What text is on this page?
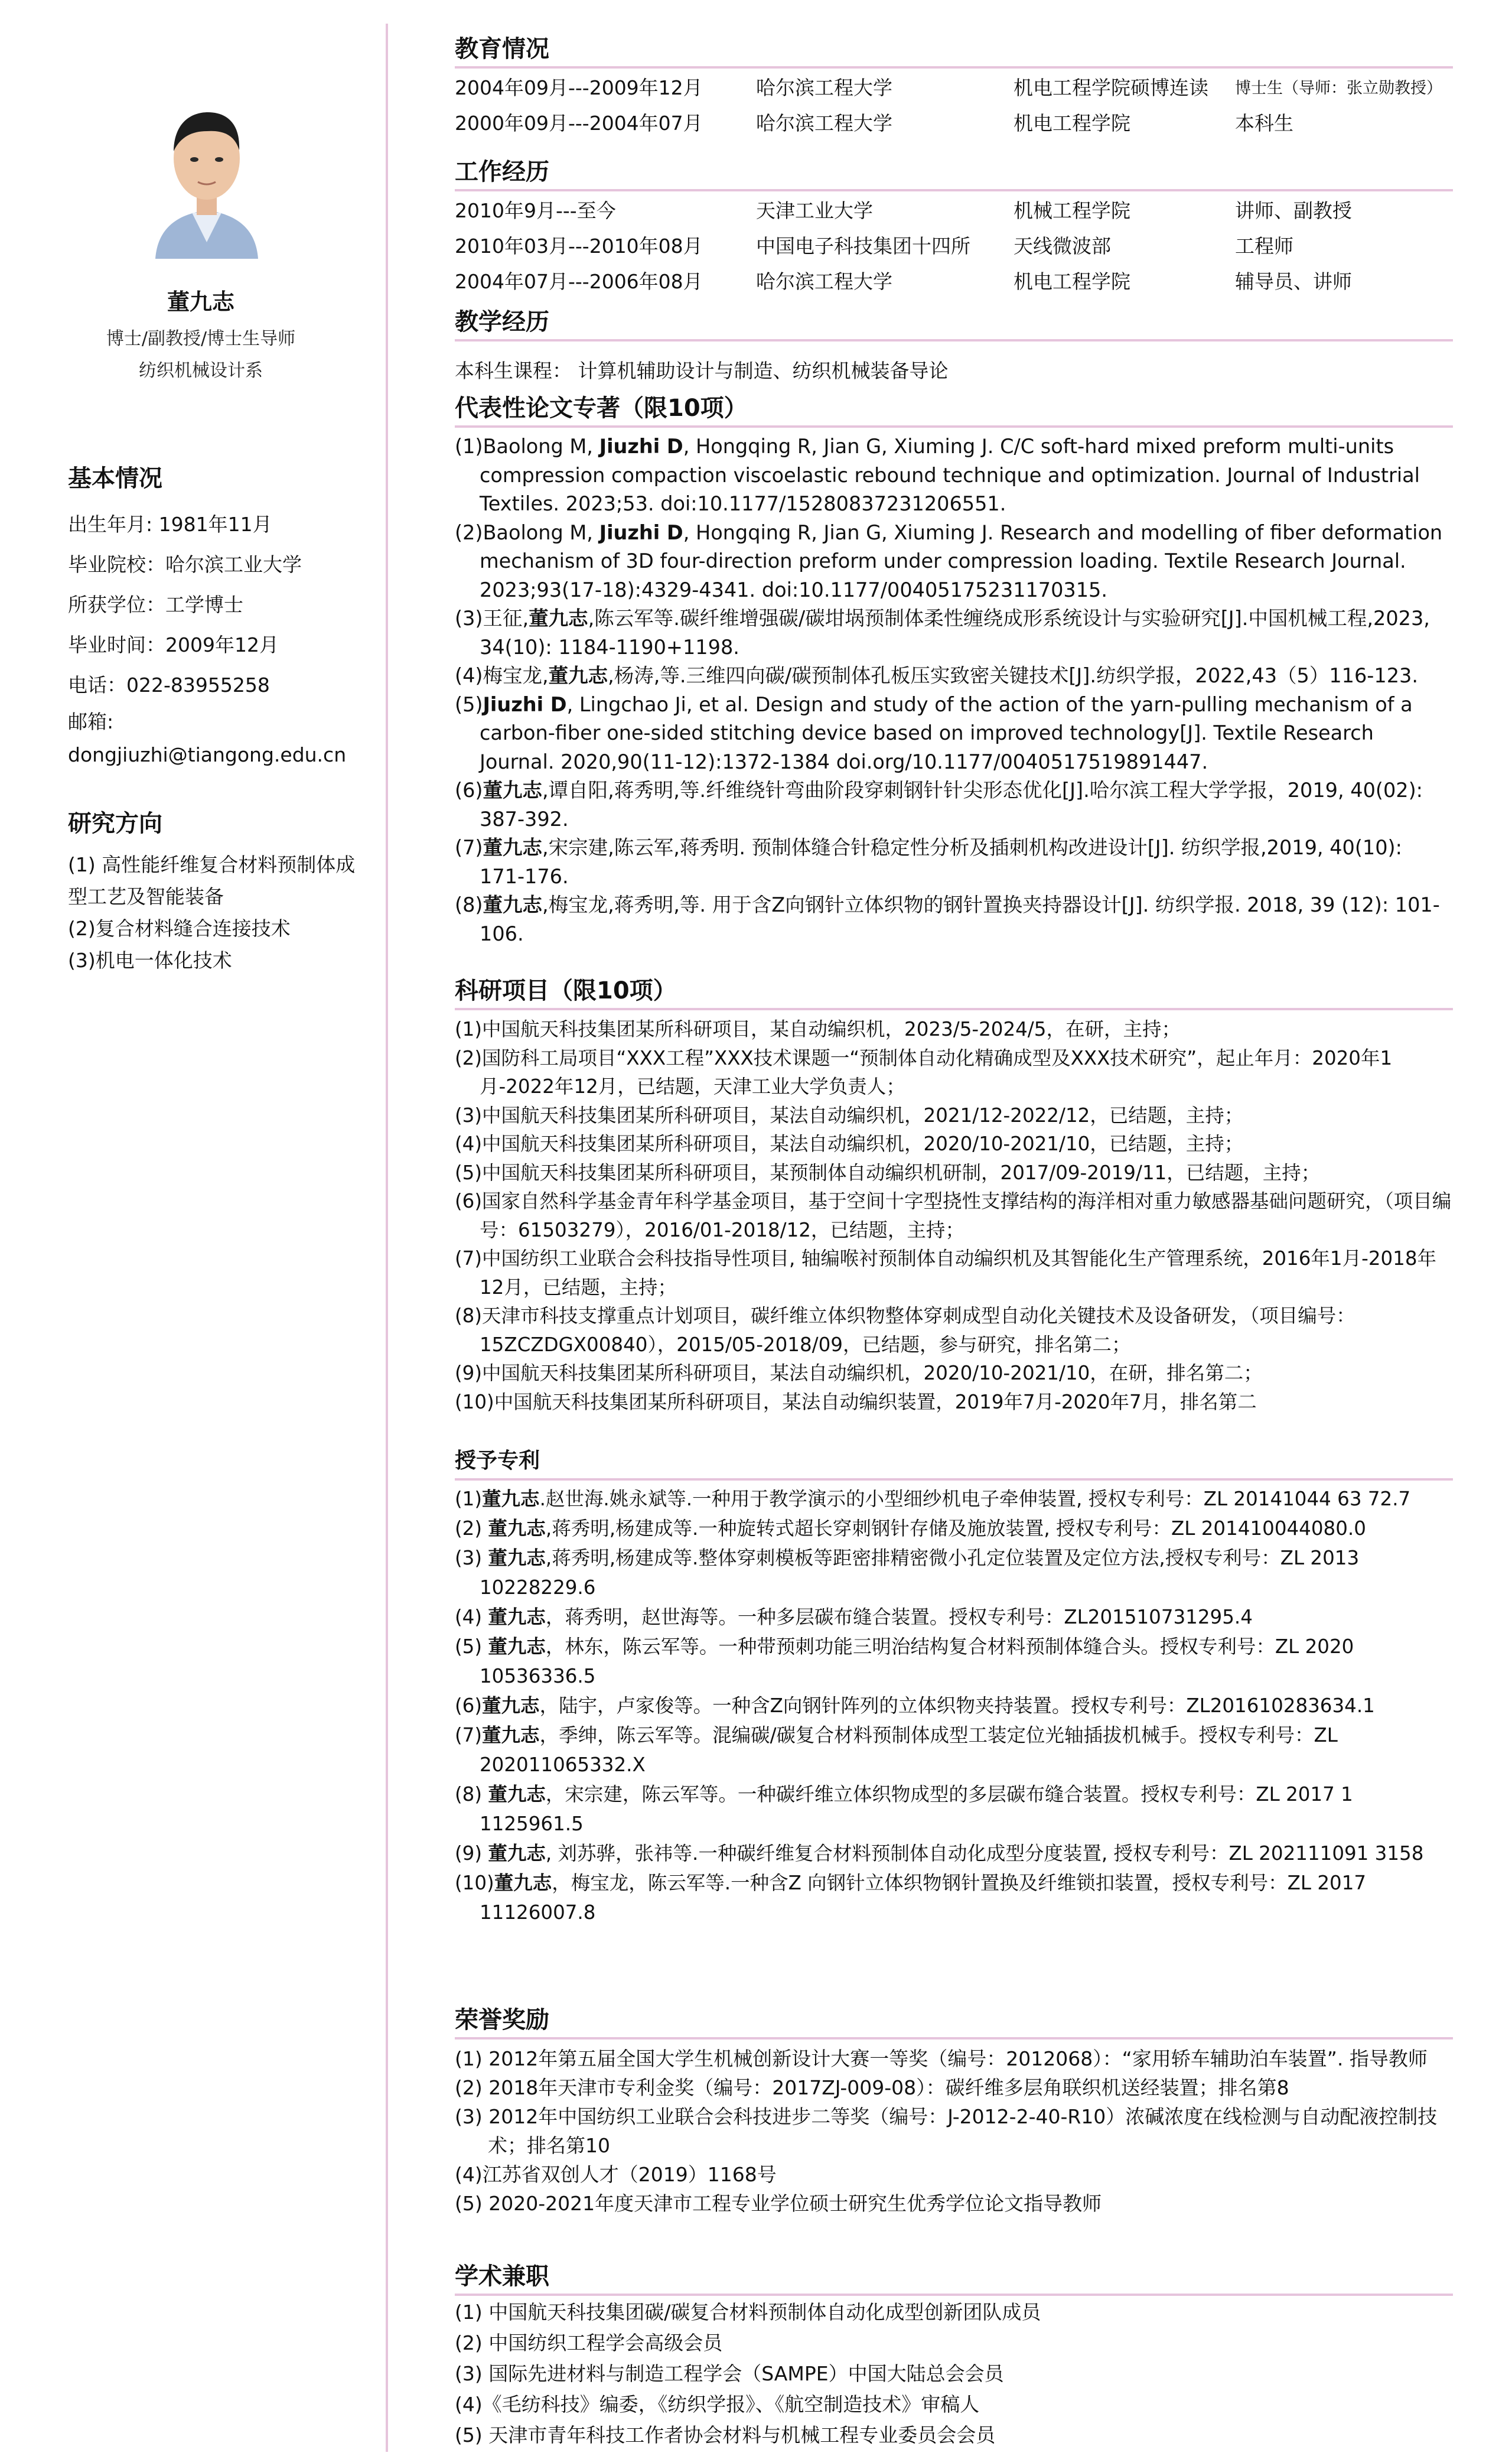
董九志
博士/副教授/博士生导师
纺织机械设计系
基本情况
出生年月: 1981年11月
毕业院校：哈尔滨工业大学
所获学位：工学博士
毕业时间：2009年12月
电话：022-83955258
邮箱:
dongjiuzhi@tiangong.edu.cn
研究方向
(1) 高性能纤维复合材料预制体成
型工艺及智能装备
(2)复合材料缝合连接技术
(3)机电一体化技术
教育情况
2004年09月---2009年12月	哈尔滨工程大学	机电工程学院硕博连读	博士生（导师：张立勋教授）
2000年09月---2004年07月	哈尔滨工程大学	机电工程学院	本科生
工作经历
2010年9月---至今	天津工业大学	机械工程学院	讲师、副教授
2010年03月---2010年08月	中国电子科技集团十四所	天线微波部	工程师
2004年07月---2006年08月	哈尔滨工程大学	机电工程学院	辅导员、讲师
教学经历
本科生课程： 计算机辅助设计与制造、纺织机械装备导论
代表性论文专著（限10项）
(1)Baolong M, Jiuzhi D, Hongqing R, Jian G, Xiuming J. C/C soft-hard mixed preform multi-units compression compaction viscoelastic rebound technique and optimization. Journal of Industrial Textiles. 2023;53. doi:10.1177/15280837231206551.
(2)Baolong M, Jiuzhi D, Hongqing R, Jian G, Xiuming J. Research and modelling of fiber deformation mechanism of 3D four-direction preform under compression loading. Textile Research Journal. 2023;93(17-18):4329-4341. doi:10.1177/00405175231170315.
(3)王征,董九志,陈云军等.碳纤维增强碳/碳坩埚预制体柔性缠绕成形系统设计与实验研究[J].中国机械工程,2023, 34(10): 1184-1190+1198.
(4)梅宝龙,董九志,杨涛,等.三维四向碳/碳预制体孔板压实致密关键技术[J].纺织学报，2022,43（5）116-123.
(5)Jiuzhi D, Lingchao Ji, et al. Design and study of the action of the yarn-pulling mechanism of a carbon-fiber one-sided stitching device based on improved technology[J]. Textile Research Journal. 2020,90(11-12):1372-1384 doi.org/10.1177/0040517519891447.
(6)董九志,谭自阳,蒋秀明,等.纤维绕针弯曲阶段穿刺钢针针尖形态优化[J].哈尔滨工程大学学报，2019, 40(02): 387-392.
(7)董九志,宋宗建,陈云军,蒋秀明. 预制体缝合针稳定性分析及插刺机构改进设计[J]. 纺织学报,2019, 40(10): 171-176.
(8)董九志,梅宝龙,蒋秀明,等. 用于含Z向钢针立体织物的钢针置换夹持器设计[J]. 纺织学报. 2018, 39 (12): 101-106.
科研项目（限10项）
(1)中国航天科技集团某所科研项目，某自动编织机，2023/5-2024/5，在研，主持；
(2)国防科工局项目“XXX工程”XXX技术课题一“预制体自动化精确成型及XXX技术研究”，起止年月：2020年1月-2022年12月，已结题，天津工业大学负责人；
(3)中国航天科技集团某所科研项目，某法自动编织机，2021/12-2022/12，已结题，主持；
(4)中国航天科技集团某所科研项目，某法自动编织机，2020/10-2021/10，已结题，主持；
(5)中国航天科技集团某所科研项目，某预制体自动编织机研制，2017/09-2019/11，已结题，主持；
(6)国家自然科学基金青年科学基金项目，基于空间十字型挠性支撑结构的海洋相对重力敏感器基础问题研究，（项目编号：61503279），2016/01-2018/12，已结题，主持；
(7)中国纺织工业联合会科技指导性项目, 轴编喉衬预制体自动编织机及其智能化生产管理系统，2016年1月-2018年12月，已结题，主持；
(8)天津市科技支撑重点计划项目，碳纤维立体织物整体穿刺成型自动化关键技术及设备研发，（项目编号：15ZCZDGX00840），2015/05-2018/09，已结题，参与研究，排名第二；
(9)中国航天科技集团某所科研项目，某法自动编织机，2020/10-2021/10，在研，排名第二；
(10)中国航天科技集团某所科研项目，某法自动编织装置，2019年7月-2020年7月，排名第二
授予专利
(1)董九志.赵世海.姚永斌等.一种用于教学演示的小型细纱机电子牵伸装置, 授权专利号：ZL 20141044 63 72.7
(2) 董九志,蒋秀明,杨建成等.一种旋转式超长穿刺钢针存储及施放装置, 授权专利号：ZL 201410044080.0
(3) 董九志,蒋秀明,杨建成等.整体穿刺模板等距密排精密微小孔定位装置及定位方法,授权专利号：ZL 2013 10228229.6
(4) 董九志，蒋秀明，赵世海等。一种多层碳布缝合装置。授权专利号：ZL201510731295.4
(5) 董九志，林东，陈云军等。一种带预刺功能三明治结构复合材料预制体缝合头。授权专利号：ZL 2020 10536336.5
(6)董九志，陆宇，卢家俊等。一种含Z向钢针阵列的立体织物夹持装置。授权专利号：ZL201610283634.1
(7)董九志，季绅，陈云军等。混编碳/碳复合材料预制体成型工装定位光轴插拔机械手。授权专利号：ZL 202011065332.X
(8) 董九志，宋宗建，陈云军等。一种碳纤维立体织物成型的多层碳布缝合装置。授权专利号：ZL 2017 1 1125961.5
(9) 董九志, 刘苏骅，张祎等.一种碳纤维复合材料预制体自动化成型分度装置, 授权专利号：ZL 202111091 3158
(10)董九志，梅宝龙，陈云军等.一种含Z 向钢针立体织物钢针置换及纤维锁扣装置，授权专利号：ZL 2017 11126007.8
荣誉奖励
(1) 2012年第五届全国大学生机械创新设计大赛一等奖（编号：2012068）：“家用轿车辅助泊车装置”. 指导教师
(2) 2018年天津市专利金奖（编号：2017ZJ-009-08）：碳纤维多层角联织机送经装置；排名第8
(3) 2012年中国纺织工业联合会科技进步二等奖（编号：J-2012-2-40-R10）浓碱浓度在线检测与自动配液控制技术；排名第10
(4)江苏省双创人才（2019）1168号
(5) 2020-2021年度天津市工程专业学位硕士研究生优秀学位论文指导教师
学术兼职
(1) 中国航天科技集团碳/碳复合材料预制体自动化成型创新团队成员
(2) 中国纺织工程学会高级会员
(3) 国际先进材料与制造工程学会（SAMPE）中国大陆总会会员
(4)《毛纺科技》编委，《纺织学报》、《航空制造技术》审稿人
(5) 天津市青年科技工作者协会材料与机械工程专业委员会会员
